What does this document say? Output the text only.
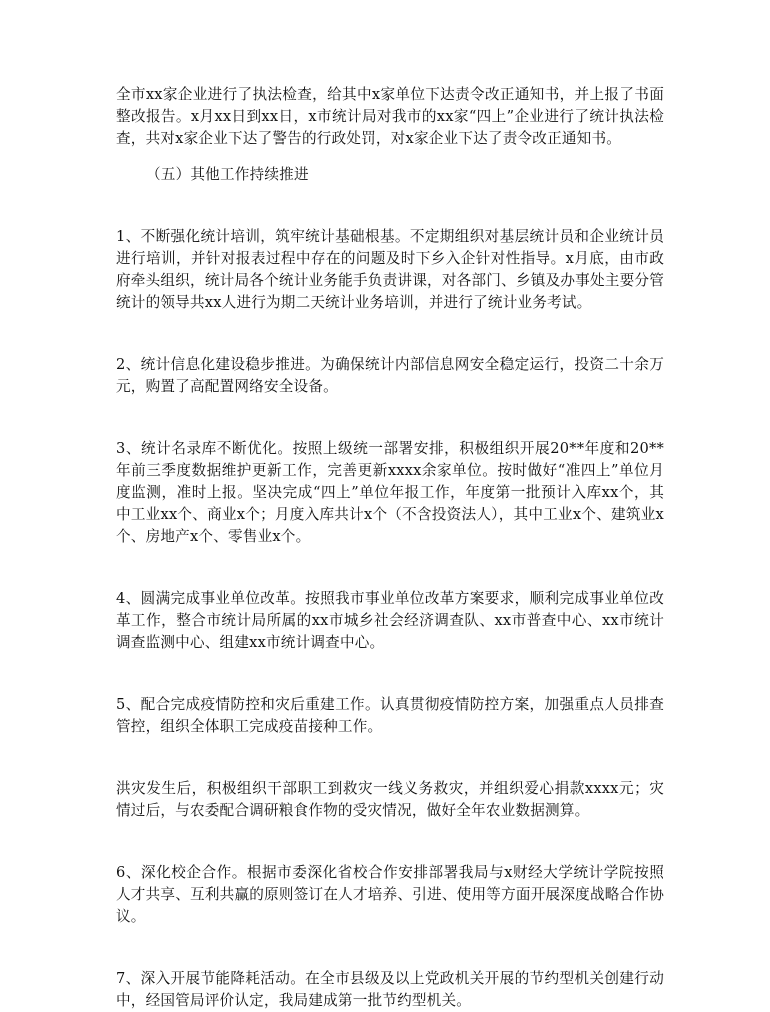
全市xx家企业进行了执法检查，给其中x家单位下达责令改正通知书，并上报了书面整改报告。x月xx日到xx日，x市统计局对我市的xx家“四上”企业进行了统计执法检查，共对x家企业下达了警告的行政处罚，对x家企业下达了责令改正通知书。

（五）其他工作持续推进

1、不断强化统计培训，筑牢统计基础根基。不定期组织对基层统计员和企业统计员进行培训，并针对报表过程中存在的问题及时下乡入企针对性指导。x月底，由市政府牵头组织，统计局各个统计业务能手负责讲课，对各部门、乡镇及办事处主要分管统计的领导共xx人进行为期二天统计业务培训，并进行了统计业务考试。

2、统计信息化建设稳步推进。为确保统计内部信息网安全稳定运行，投资二十余万元，购置了高配置网络安全设备。

3、统计名录库不断优化。按照上级统一部署安排，积极组织开展20**年度和20**年前三季度数据维护更新工作，完善更新xxxx余家单位。按时做好“准四上”单位月度监测，准时上报。坚决完成“四上”单位年报工作，年度第一批预计入库xx个，其中工业xx个、商业x个；月度入库共计x个（不含投资法人），其中工业x个、建筑业x个、房地产x个、零售业x个。

4、圆满完成事业单位改革。按照我市事业单位改革方案要求，顺利完成事业单位改革工作，整合市统计局所属的xx市城乡社会经济调查队、xx市普查中心、xx市统计调查监测中心、组建xx市统计调查中心。

5、配合完成疫情防控和灾后重建工作。认真贯彻疫情防控方案，加强重点人员排查管控，组织全体职工完成疫苗接种工作。

洪灾发生后，积极组织干部职工到救灾一线义务救灾，并组织爱心捐款xxxx元；灾情过后，与农委配合调研粮食作物的受灾情况，做好全年农业数据测算。

6、深化校企合作。根据市委深化省校合作安排部署我局与x财经大学统计学院按照人才共享、互利共赢的原则签订在人才培养、引进、使用等方面开展深度战略合作协议。

7、深入开展节能降耗活动。在全市县级及以上党政机关开展的节约型机关创建行动中，经国管局评价认定，我局建成第一批节约型机关。
